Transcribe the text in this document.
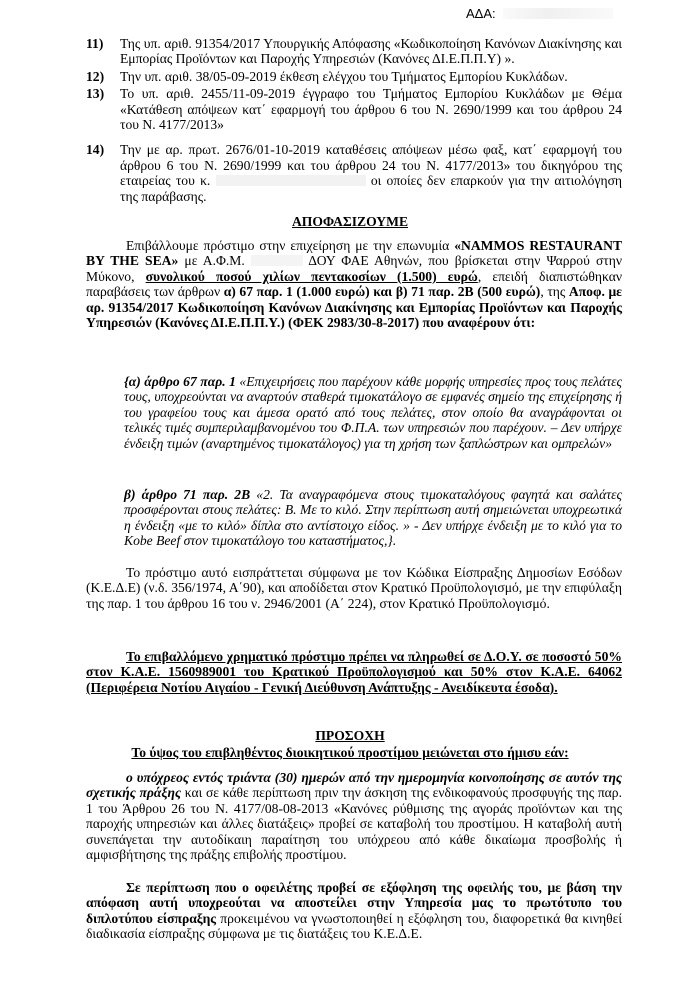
ΑΔΑ:
11) Της υπ. αριθ. 91354/2017 Υπουργικής Απόφασης «Κωδικοποίηση Κανόνων Διακίνησης και Εμπορίας Προϊόντων και Παροχής Υπηρεσιών (Κανόνες ΔΙ.Ε.Π.Π.Υ) ».
12) Την υπ. αριθ. 38/05-09-2019 έκθεση ελέγχου του Τμήματος Εμπορίου Κυκλάδων.
13) Το υπ. αριθ. 2455/11-09-2019 έγγραφο του Τμήματος Εμπορίου Κυκλάδων με Θέμα «Κατάθεση απόψεων κατ΄ εφαρμογή του άρθρου 6 του Ν. 2690/1999 και του άρθρου 24 του Ν. 4177/2013»
14) Την με αρ. πρωτ. 2676/01-10-2019 καταθέσεις απόψεων μέσω φαξ, κατ΄ εφαρμογή του άρθρου 6 του Ν. 2690/1999 και του άρθρου 24 του Ν. 4177/2013» του δικηγόρου της εταιρείας του κ.	οι οποίες δεν επαρκούν για την αιτιολόγηση της παράβασης.
ΑΠΟΦΑΣΙΖΟΥΜΕ
Επιβάλλουμε πρόστιμο στην επιχείρηση με την επωνυμία «NAMMOS RESTAURANT BY THE SEA» με Α.Φ.Μ.	ΔΟΥ ΦΑΕ Αθηνών, που βρίσκεται στην Ψαρρού στην Μύκονο, συνολικού ποσού χιλίων πεντακοσίων (1.500) ευρώ, επειδή διαπιστώθηκαν παραβάσεις των άρθρων α) 67 παρ. 1 (1.000 ευρώ) και β) 71 παρ. 2Β (500 ευρώ), της Αποφ. με αρ. 91354/2017 Κωδικοποίηση Κανόνων Διακίνησης και Εμπορίας Προϊόντων και Παροχής Υπηρεσιών (Κανόνες ΔΙ.Ε.Π.Π.Υ.) (ΦΕΚ 2983/30-8-2017) που αναφέρουν ότι:
{α) άρθρο 67 παρ. 1 «Επιχειρήσεις που παρέχουν κάθε μορφής υπηρεσίες προς τους πελάτες τους, υποχρεούνται να αναρτούν σταθερά τιμοκατάλογο σε εμφανές σημείο της επιχείρησης ή του γραφείου τους και άμεσα ορατό από τους πελάτες, στον οποίο θα αναγράφονται οι τελικές τιμές συμπεριλαμβανομένου του Φ.Π.Α. των υπηρεσιών που παρέχουν. – Δεν υπήρχε ένδειξη τιμών (αναρτημένος τιμοκατάλογος) για τη χρήση των ξαπλώστρων και ομπρελών»
β) άρθρο 71 παρ. 2Β «2. Τα αναγραφόμενα στους τιμοκαταλόγους φαγητά και σαλάτες προσφέρονται στους πελάτες: Β. Με το κιλό. Στην περίπτωση αυτή σημειώνεται υποχρεωτικά η ένδειξη «με το κιλό» δίπλα στο αντίστοιχο είδος. » - Δεν υπήρχε ένδειξη με το κιλό για το Kobe Beef στον τιμοκατάλογο του καταστήματος,}.
Το πρόστιμο αυτό εισπράττεται σύμφωνα με τον Κώδικα Είσπραξης Δημοσίων Εσόδων (Κ.Ε.Δ.Ε) (ν.δ. 356/1974, Α΄90), και αποδίδεται στον Κρατικό Προϋπολογισμό, με την επιφύλαξη της παρ. 1 του άρθρου 16 του ν. 2946/2001 (Α΄ 224), στον Κρατικό Προϋπολογισμό.
Το επιβαλλόμενο χρηματικό πρόστιμο πρέπει να πληρωθεί σε Δ.Ο.Υ. σε ποσοστό 50% στον Κ.Α.Ε. 1560989001 του Κρατικού Προϋπολογισμού και 50% στον Κ.Α.Ε. 64062 (Περιφέρεια Νοτίου Αιγαίου - Γενική Διεύθυνση Ανάπτυξης - Ανειδίκευτα έσοδα).
ΠΡΟΣΟΧΗ
Το ύψος του επιβληθέντος διοικητικού προστίμου μειώνεται στο ήμισυ εάν:
ο υπόχρεος εντός τριάντα (30) ημερών από την ημερομηνία κοινοποίησης σε αυτόν της σχετικής πράξης και σε κάθε περίπτωση πριν την άσκηση της ενδικοφανούς προσφυγής της παρ. 1 του Άρθρου 26 του Ν. 4177/08-08-2013 «Κανόνες ρύθμισης της αγοράς προϊόντων και της παροχής υπηρεσιών και άλλες διατάξεις» προβεί σε καταβολή του προστίμου. Η καταβολή αυτή συνεπάγεται την αυτοδίκαιη παραίτηση του υπόχρεου από κάθε δικαίωμα προσβολής ή αμφισβήτησης της πράξης επιβολής προστίμου.
Σε περίπτωση που ο οφειλέτης προβεί σε εξόφληση της οφειλής του, με βάση την απόφαση αυτή υποχρεούται να αποστείλει στην Υπηρεσία μας το πρωτότυπο του διπλοτύπου είσπραξης προκειμένου να γνωστοποιηθεί η εξόφληση του, διαφορετικά θα κινηθεί διαδικασία είσπραξης σύμφωνα με τις διατάξεις του Κ.Ε.Δ.Ε.
